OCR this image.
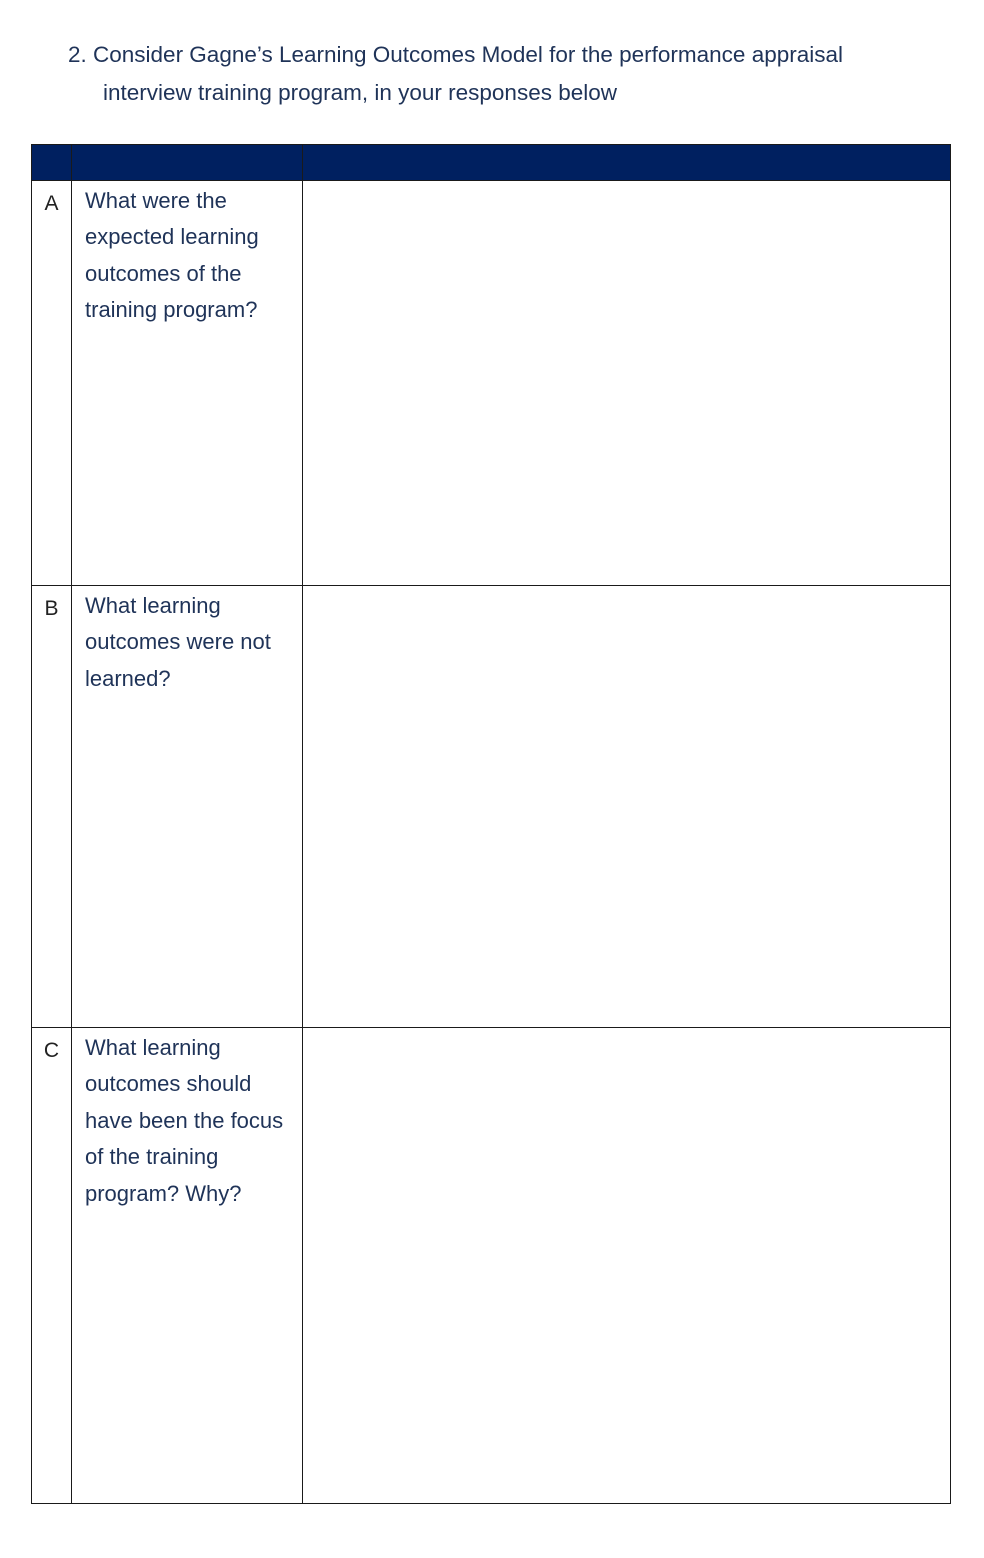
2. Consider Gagne’s Learning Outcomes Model for the performance appraisal
interview training program, in your responses below

A	What were the expected learning outcomes of the training program?	
B	What learning outcomes were not learned?	
C	What learning outcomes should have been the focus of the training program? Why?	
